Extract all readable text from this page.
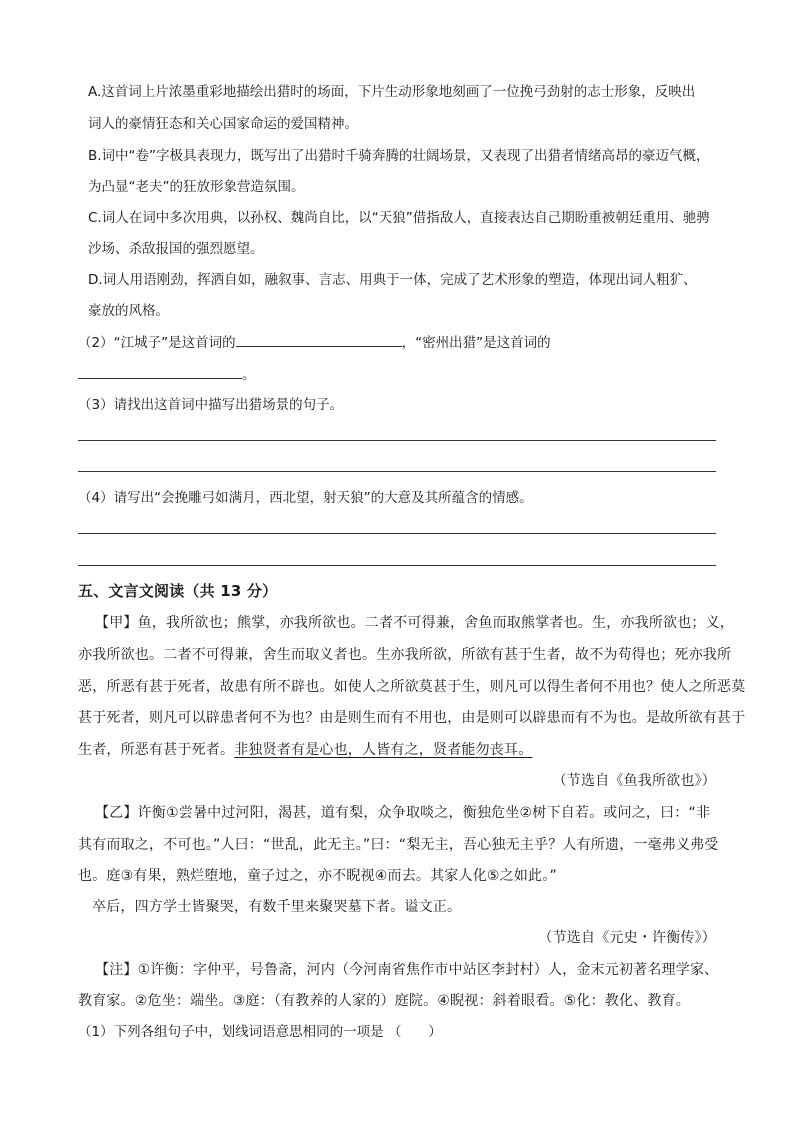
A.这首词上片浓墨重彩地描绘出猎时的场面，下片生动形象地刻画了一位挽弓劲射的志士形象，反映出
词人的豪情狂态和关心国家命运的爱国精神。
B.词中“卷”字极具表现力，既写出了出猎时千骑奔腾的壮阔场景，又表现了出猎者情绪高昂的豪迈气概，
为凸显“老夫”的狂放形象营造氛围。
C.词人在词中多次用典，以孙权、魏尚自比，以“天狼”借指敌人，直接表达自己期盼重被朝廷重用、驰骋
沙场、杀敌报国的强烈愿望。
D.词人用语刚劲，挥洒自如，融叙事、言志、用典于一体，完成了艺术形象的塑造，体现出词人粗犷、
豪放的风格。
（2）“江城子”是这首词的	，“密州出猎”是这首词的
。
（3）请找出这首词中描写出猎场景的句子。
（4）请写出“会挽雕弓如满月，西北望，射天狼”的大意及其所蕴含的情感。
五、文言文阅读（共 13 分）
【甲】鱼，我所欲也；熊掌，亦我所欲也。二者不可得兼，舍鱼而取熊掌者也。生，亦我所欲也；义，
亦我所欲也。二者不可得兼，舍生而取义者也。生亦我所欲，所欲有甚于生者，故不为苟得也；死亦我所
恶，所恶有甚于死者，故患有所不辟也。如使人之所欲莫甚于生，则凡可以得生者何不用也？使人之所恶莫
甚于死者，则凡可以辟患者何不为也？由是则生而有不用也，由是则可以辟患而有不为也。是故所欲有甚于
生者，所恶有甚于死者。非独贤者有是心也，人皆有之，贤者能勿丧耳。
（节选自《鱼我所欲也》）
【乙】许衡①尝暑中过河阳，渴甚，道有梨，众争取啖之，衡独危坐②树下自若。或问之，曰：“非
其有而取之，不可也。”人曰：“世乱，此无主。”曰：“梨无主，吾心独无主乎？人有所遗，一毫弗义弗受
也。庭③有果，熟烂堕地，童子过之，亦不睨视④而去。其家人化⑤之如此。”
卒后，四方学士皆聚哭，有数千里来聚哭墓下者。谥文正。
（节选自《元史・许衡传》）
【注】①许衡：字仲平，号鲁斋，河内（今河南省焦作市中站区李封村）人，金末元初著名理学家、
教育家。②危坐：端坐。③庭：（有教养的人家的）庭院。④睨视：斜着眼看。⑤化：教化、教育。
（1）下列各组句子中，划线词语意思相同的一项是 （　　）
